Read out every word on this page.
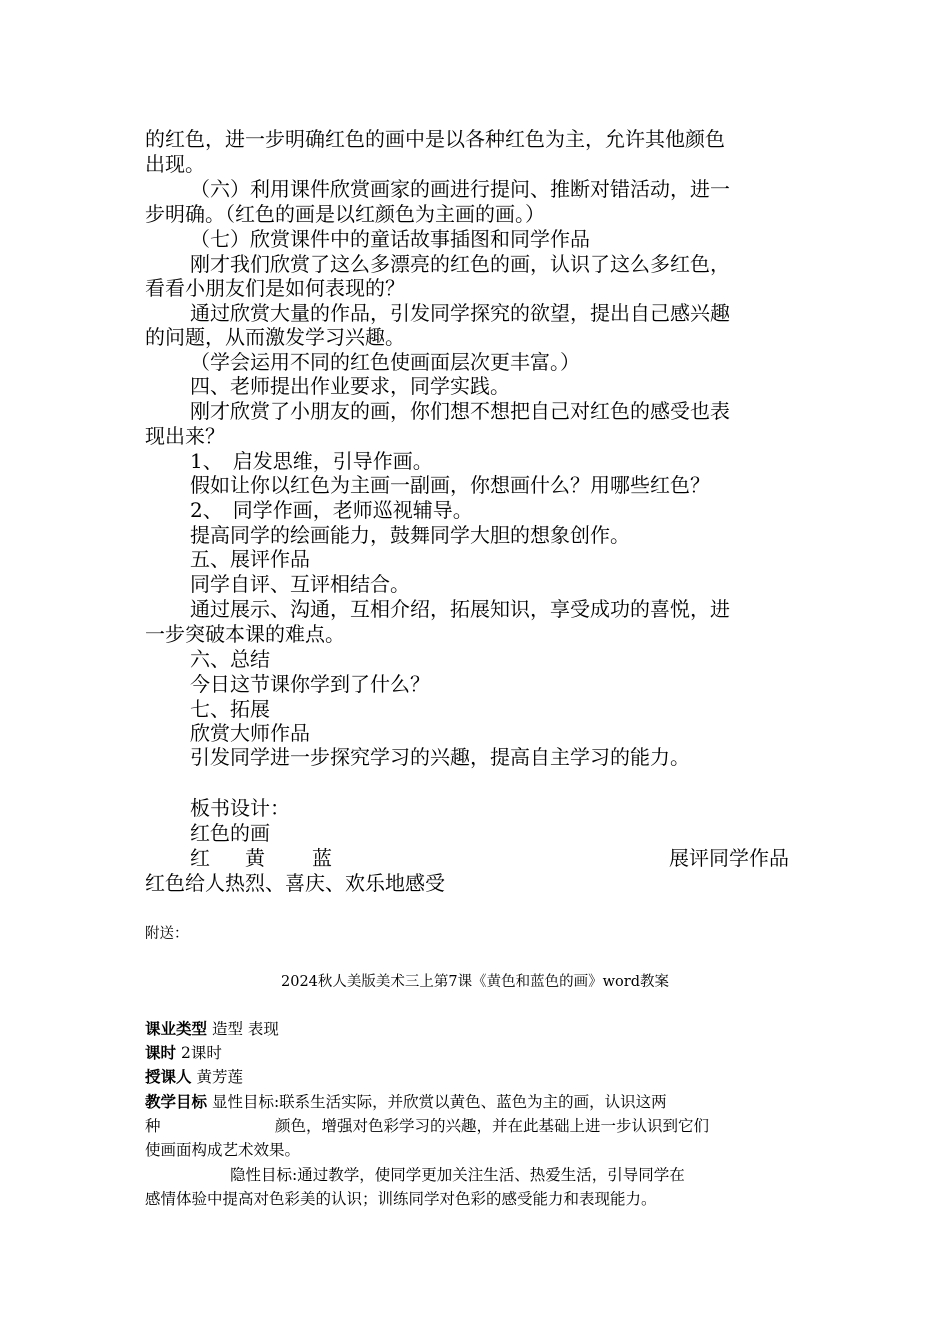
的红色，进一步明确红色的画中是以各种红色为主，允许其他颜色
出现。
（六）利用课件欣赏画家的画进行提问、推断对错活动，进一
步明确。（红色的画是以红颜色为主画的画。）
（七）欣赏课件中的童话故事插图和同学作品
刚才我们欣赏了这么多漂亮的红色的画，认识了这么多红色，
看看小朋友们是如何表现的？
通过欣赏大量的作品，引发同学探究的欲望，提出自己感兴趣
的问题，从而激发学习兴趣。
（学会运用不同的红色使画面层次更丰富。）
四、老师提出作业要求，同学实践。
刚才欣赏了小朋友的画，你们想不想把自己对红色的感受也表
现出来？
1、　启发思维，引导作画。
假如让你以红色为主画一副画，你想画什么？用哪些红色？
2、　同学作画，老师巡视辅导。
提高同学的绘画能力，鼓舞同学大胆的想象创作。
五、展评作品
同学自评、互评相结合。
通过展示、沟通，互相介绍，拓展知识，享受成功的喜悦，进
一步突破本课的难点。
六、总结
今日这节课你学到了什么？
七、拓展
欣赏大师作品
引发同学进一步探究学习的兴趣，提高自主学习的能力。
板书设计：
红色的画
红 黄 蓝	展评同学作品
红色给人热烈、喜庆、欢乐地感受
附送：
2024秋人美版美术三上第7课《黄色和蓝色的画》word教案
课业类型 造型 表现
课时 2课时
授课人 黄芳莲
教学目标 显性目标:联系生活实际，并欣赏以黄色、蓝色为主的画，认识这两
种	颜色，增强对色彩学习的兴趣，并在此基础上进一步认识到它们
使画面构成艺术效果。
隐性目标:通过教学，使同学更加关注生活、热爱生活，引导同学在
感情体验中提高对色彩美的认识；训练同学对色彩的感受能力和表现能力。
